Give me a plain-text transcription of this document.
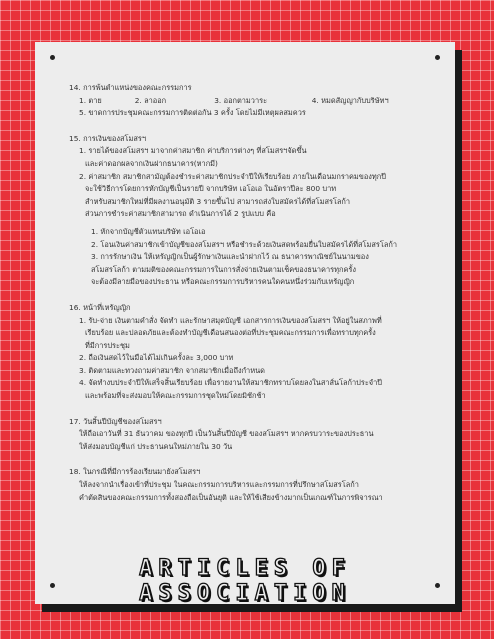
14. การพ้นตำแหน่งของคณะกรรมการ
1. ตาย	2. ลาออก	3. ออกตามวาระ	4. หมดสัญญากับบริษัทฯ
5. ขาดการประชุมคณะกรรมการติดต่อกัน 3 ครั้ง โดยไม่มีเหตุผลสมควร
15. การเงินของสโมสรฯ
1. รายได้ของสโมสรฯ มาจากค่าสมาชิก ค่าบริการต่างๆ ที่สโมสรฯจัดขึ้น
และค่าดอกผลจากเงินฝากธนาคาร(หากมี)
2. ค่าสมาชิก สมาชิกสามัญต้องชำระค่าสมาชิกประจำปีให้เรียบร้อย ภายในเดือนมกราคมของทุกปี
จะใช้วิธีการโดยการหักบัญชีเป็นรายปี จากบริษัท เอโอเอ ในอัตราปีละ 800 บาท
สำหรับสมาชิกใหม่ที่มีผลงานอนุมัติ 3 รายขึ้นไป สามารถส่งใบสมัครได้ที่สโมสรโลก้า
ส่วนการชำระค่าสมาชิกสามารถ ดำเนินการได้ 2 รูปแบบ คือ
1. หักจากบัญชีตัวแทนบริษัท เอโอเอ
2. โอนเงินค่าสมาชิกเข้าบัญชีของสโมสรฯ หรือชำระด้วยเงินสดพร้อมยื่นใบสมัครได้ที่สโมสรโลก้า
3. การรักษาเงิน ให้เหรัญญิกเป็นผู้รักษาเงินและนำฝากไว้ ณ ธนาคารพาณิชย์ในนามของ
สโมสรโลก้า ตามมติของคณะกรรมการในการสั่งจ่ายเงินตามเช็คของธนาคารทุกครั้ง
จะต้องมีลายมือของประธาน หรือคณะกรรมการบริหารคนใดคนหนึ่งร่วมกับเหรัญญิก
16. หน้าที่เหรัญญิก
1. รับ-จ่าย เงินตามคำสั่ง จัดทำ และรักษาสมุดบัญชี เอกสารการเงินของสโมสรฯ ให้อยู่ในสภาพที่
เรียบร้อย และปลอดภัยและต้องทำบัญชีเดือนสนองต่อที่ประชุมคณะกรรมการเพื่อทราบทุกครั้ง
ที่มีการประชุม
2. ถือเงินสดไว้ในมือได้ไม่เกินครั้งละ 3,000 บาท
3. ติดตามและทวงถามค่าสมาชิก จากสมาชิกเมื่อถึงกำหนด
4. จัดทำงบประจำปีให้เสร็จสิ้นเรียบร้อย เพื่อรายงานให้สมาชิกทราบโดยลงในสาส์นโลก้าประจำปี
และพร้อมที่จะส่งมอบให้คณะกรรมการชุดใหม่โดยมิชักช้า
17. วันสิ้นปีบัญชีของสโมสรฯ
ให้ถือเอาวันที่ 31 ธันวาคม ของทุกปี เป็นวันสิ้นปีบัญชี ของสโมสรฯ หากครบวาระของประธาน
ให้ส่งมอบบัญชีแก่ ประธานคนใหม่ภายใน 30 วัน
18. ในกรณีที่มีการร้องเรียนมายังสโมสรฯ
ให้ลงจากนำเรื่องเข้าที่ประชุม ในคณะกรรมการบริหารและกรรมการที่ปรึกษาสโมสรโลก้า
คำตัดสินของคณะกรรมการทั้งสองถือเป็นอันยุติ และให้ใช้เสียงข้างมากเป็นเกณฑ์ในการพิจารณา
ARTICLES OF ASSOCIATION
